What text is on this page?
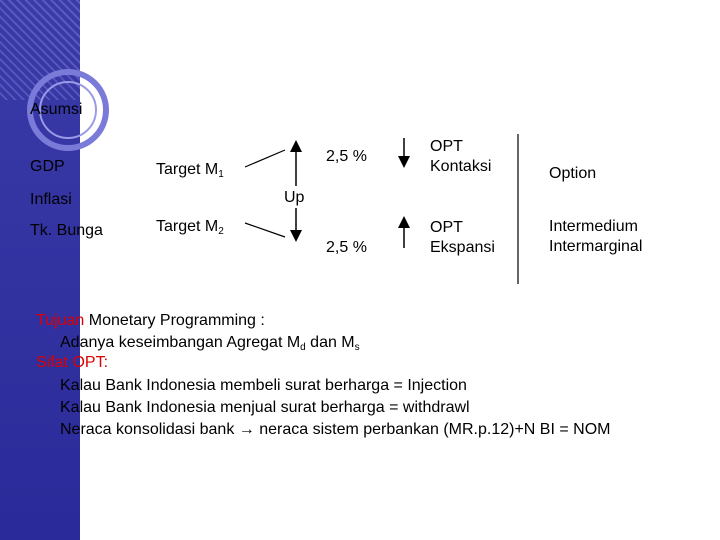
Asumsi
GDP
Inflasi
Tk. Bunga
Target $M_1$
Target $M_2$
2,5 %
Up
2,5 %
OPT
Kontaksi
OPT
Ekspansi
Option
Intermedium
Intermarginal
Tujuan Monetary Programming :
Adanya keseimbangan Agregat $M_d$ dan $M_s$
Sifat OPT:
Kalau Bank Indonesia membeli surat berharga = Injection
Kalau Bank Indonesia menjual surat berharga = withdrawl
Neraca konsolidasi bank → neraca sistem perbankan (MR.p.12)+N BI = NOM
